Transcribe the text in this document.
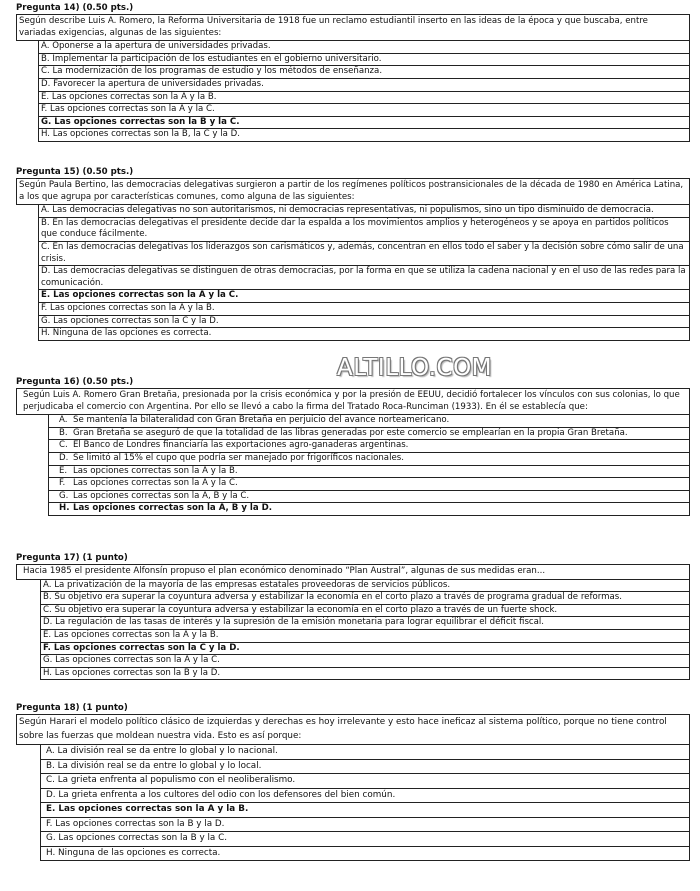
Pregunta 14) (0.50 pts.)
Según describe Luis A. Romero, la Reforma Universitaria de 1918 fue un reclamo estudiantil inserto en las ideas de la época y que buscaba, entre variadas exigencias, algunas de las siguientes:
A. Oponerse a la apertura de universidades privadas.
B. Implementar la participación de los estudiantes en el gobierno universitario.
C. La modernización de los programas de estudio y los métodos de enseñanza.
D. Favorecer la apertura de universidades privadas.
E. Las opciones correctas son la A y la B.
F. Las opciones correctas son la A y la C.
G. Las opciones correctas son la B y la C.
H. Las opciones correctas son la B, la C y la D.
Pregunta 15) (0.50 pts.)
Según Paula Bertino, las democracias delegativas surgieron a partir de los regímenes políticos postransicionales de la década de 1980 en América Latina, a los que agrupa por características comunes, como alguna de las siguientes:
A. Las democracias delegativas no son autoritarismos, ni democracias representativas, ni populismos, sino un tipo disminuido de democracia.
B. En las democracias delegativas el presidente decide dar la espalda a los movimientos amplios y heterogéneos y se apoya en partidos políticos que conduce fácilmente.
C. En las democracias delegativas los liderazgos son carismáticos y, además, concentran en ellos todo el saber y la decisión sobre cómo salir de una crisis.
D. Las democracias delegativas se distinguen de otras democracias, por la forma en que se utiliza la cadena nacional y en el uso de las redes para la comunicación.
E. Las opciones correctas son la A y la C.
F. Las opciones correctas son la A y la B.
G. Las opciones correctas son la C y la D.
H. Ninguna de las opciones es correcta.
Pregunta 16) (0.50 pts.)
Según Luis A. Romero Gran Bretaña, presionada por la crisis económica y por la presión de EEUU, decidió fortalecer los vínculos con sus colonias, lo que perjudicaba el comercio con Argentina. Por ello se llevó a cabo la firma del Tratado Roca-Runciman (1933). En él se establecía que:
A. Se mantenía la bilateralidad con Gran Bretaña en perjuicio del avance norteamericano.
B. Gran Bretaña se aseguró de que la totalidad de las libras generadas por este comercio se emplearían en la propia Gran Bretaña.
C. El Banco de Londres financiaría las exportaciones agro-ganaderas argentinas.
D. Se limitó al 15% el cupo que podría ser manejado por frigoríficos nacionales.
E. Las opciones correctas son la A y la B.
F. Las opciones correctas son la A y la C.
G. Las opciones correctas son la A, B y la C.
H. Las opciones correctas son la A, B y la D.
Pregunta 17) (1 punto)
Hacia 1985 el presidente Alfonsín propuso el plan económico denominado “Plan Austral”, algunas de sus medidas eran...
A. La privatización de la mayoría de las empresas estatales proveedoras de servicios públicos.
B. Su objetivo era superar la coyuntura adversa y estabilizar la economía en el corto plazo a través de programa gradual de reformas.
C. Su objetivo era superar la coyuntura adversa y estabilizar la economía en el corto plazo a través de un fuerte shock.
D. La regulación de las tasas de interés y la supresión de la emisión monetaria para lograr equilibrar el déficit fiscal.
E. Las opciones correctas son la A y la B.
F. Las opciones correctas son la C y la D.
G. Las opciones correctas son la A y la C.
H. Las opciones correctas son la B y la D.
Pregunta 18) (1 punto)
Según Harari el modelo político clásico de izquierdas y derechas es hoy irrelevante y esto hace ineficaz al sistema político, porque no tiene control sobre las fuerzas que moldean nuestra vida. Esto es así porque:
A. La división real se da entre lo global y lo nacional.
B. La división real se da entre lo global y lo local.
C. La grieta enfrenta al populismo con el neoliberalismo.
D. La grieta enfrenta a los cultores del odio con los defensores del bien común.
E. Las opciones correctas son la A y la B.
F. Las opciones correctas son la B y la D.
G. Las opciones correctas son la B y la C.
H. Ninguna de las opciones es correcta.
ALTILLO.COM
